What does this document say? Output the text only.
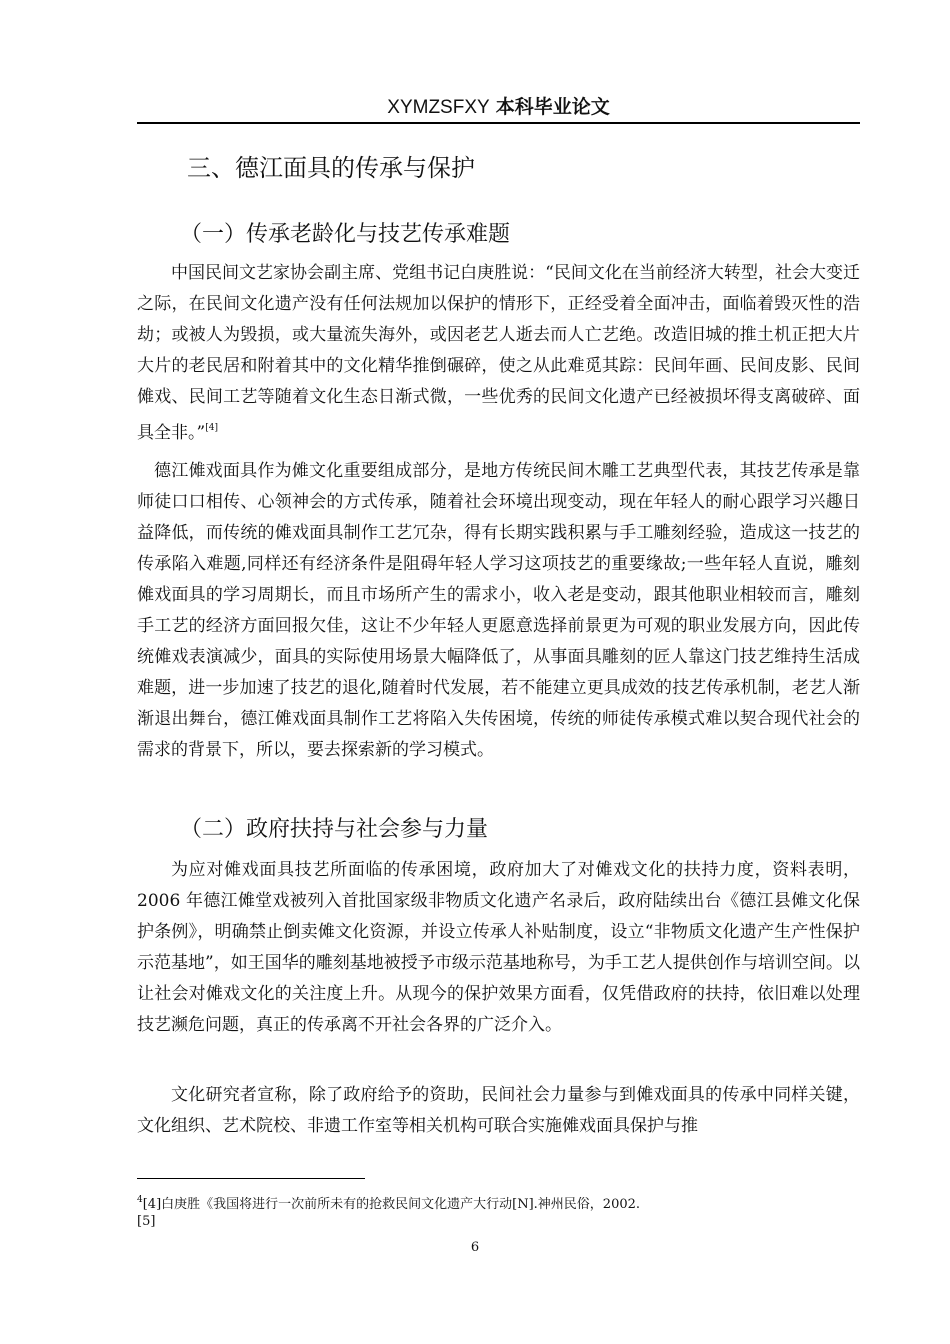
XYMZSFXY 本科毕业论文
三、德江面具的传承与保护
（一）传承老龄化与技艺传承难题
中国民间文艺家协会副主席、党组书记白庚胜说：“民间文化在当前经济大转型，社会大变迁之际，在民间文化遗产没有任何法规加以保护的情形下，正经受着全面冲击，面临着毁灭性的浩劫；或被人为毁损，或大量流失海外，或因老艺人逝去而人亡艺绝。改造旧城的推土机正把大片大片的老民居和附着其中的文化精华推倒碾碎，使之从此难觅其踪：民间年画、民间皮影、民间傩戏、民间工艺等随着文化生态日渐式微，一些优秀的民间文化遗产已经被损坏得支离破碎、面具全非。”[4]
德江傩戏面具作为傩文化重要组成部分，是地方传统民间木雕工艺典型代表，其技艺传承是靠师徒口口相传、心领神会的方式传承，随着社会环境出现变动，现在年轻人的耐心跟学习兴趣日益降低，而传统的傩戏面具制作工艺冗杂，得有长期实践积累与手工雕刻经验，造成这一技艺的传承陷入难题,同样还有经济条件是阻碍年轻人学习这项技艺的重要缘故;一些年轻人直说，雕刻傩戏面具的学习周期长，而且市场所产生的需求小，收入老是变动，跟其他职业相较而言，雕刻手工艺的经济方面回报欠佳，这让不少年轻人更愿意选择前景更为可观的职业发展方向，因此传统傩戏表演减少，面具的实际使用场景大幅降低了，从事面具雕刻的匠人靠这门技艺维持生活成难题，进一步加速了技艺的退化,随着时代发展，若不能建立更具成效的技艺传承机制，老艺人渐渐退出舞台，德江傩戏面具制作工艺将陷入失传困境，传统的师徒传承模式难以契合现代社会的需求的背景下，所以，要去探索新的学习模式。
（二）政府扶持与社会参与力量
为应对傩戏面具技艺所面临的传承困境，政府加大了对傩戏文化的扶持力度，资料表明，2006 年德江傩堂戏被列入首批国家级非物质文化遗产名录后，政府陆续出台《德江县傩文化保护条例》，明确禁止倒卖傩文化资源，并设立传承人补贴制度，设立“非物质文化遗产生产性保护示范基地”，如王国华的雕刻基地被授予市级示范基地称号，为手工艺人提供创作与培训空间。以让社会对傩戏文化的关注度上升。从现今的保护效果方面看，仅凭借政府的扶持，依旧难以处理技艺濒危问题，真正的传承离不开社会各界的广泛介入。
文化研究者宣称，除了政府给予的资助，民间社会力量参与到傩戏面具的传承中同样关键，文化组织、艺术院校、非遗工作室等相关机构可联合实施傩戏面具保护与推
$^4$[4]白庚胜《我国将进行一次前所未有的抢救民间文化遗产大行动[N].神州民俗，2002.
[5]
6
